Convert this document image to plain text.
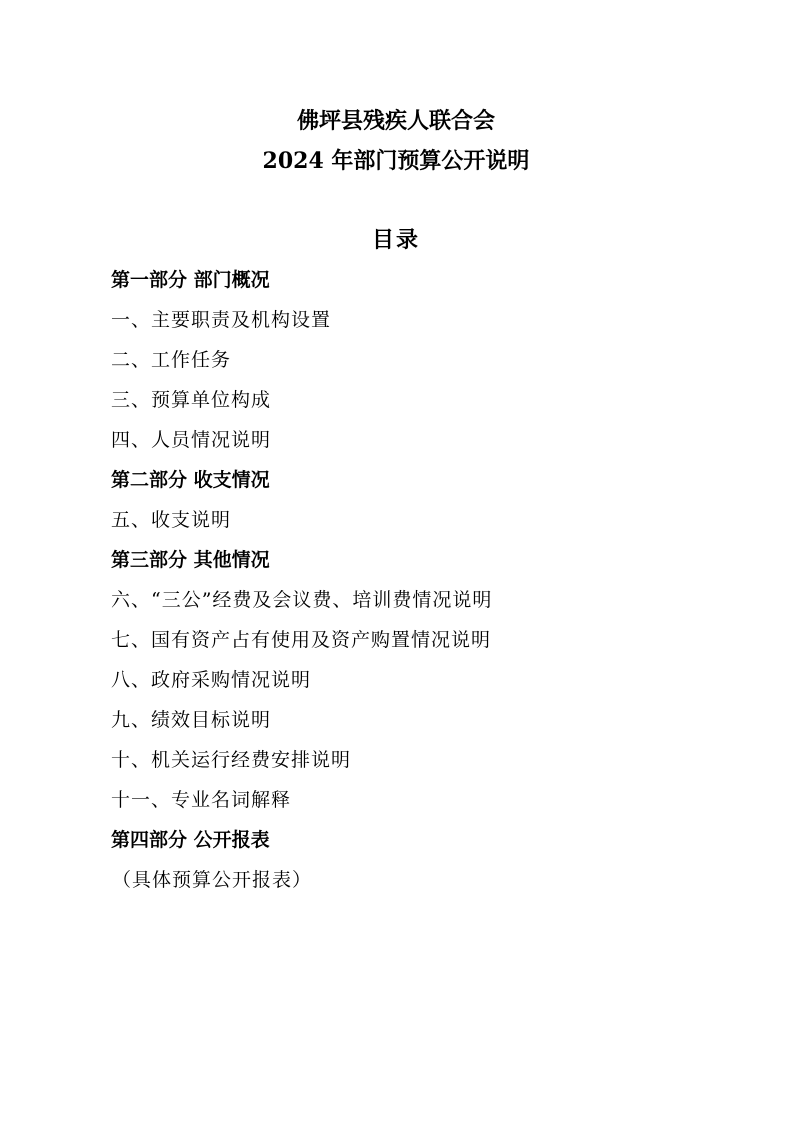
佛坪县残疾人联合会
2024 年部门预算公开说明
目录
第一部分 部门概况
一、主要职责及机构设置
二、工作任务
三、预算单位构成
四、人员情况说明
第二部分 收支情况
五、收支说明
第三部分 其他情况
六、“三公”经费及会议费、培训费情况说明
七、国有资产占有使用及资产购置情况说明
八、政府采购情况说明
九、绩效目标说明
十、机关运行经费安排说明
十一、专业名词解释
第四部分 公开报表
（具体预算公开报表）
